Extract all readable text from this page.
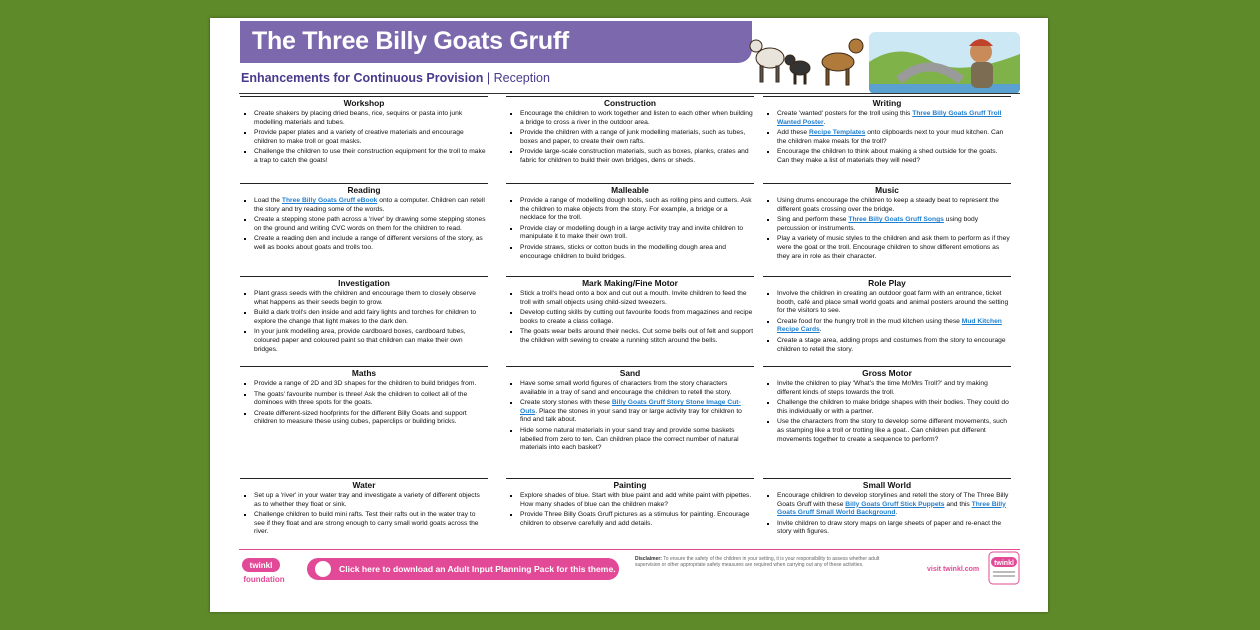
The Three Billy Goats Gruff
Enhancements for Continuous Provision | Reception
Workshop
▪ Create shakers by placing dried beans, rice, sequins or pasta into junk modelling materials and tubes.
▪ Provide paper plates and a variety of creative materials and encourage children to make troll or goat masks.
▪ Challenge the children to use their construction equipment for the troll to make a trap to catch the goats!
Reading
▪ Load the Three Billy Goats Gruff eBook onto a computer. Children can retell the story and try reading some of the words.
▪ Create a stepping stone path across a 'river' by drawing some stepping stones on the ground and writing CVC words on them for the children to read.
▪ Create a reading den and include a range of different versions of the story, as well as books about goats and trolls too.
Investigation
▪ Plant grass seeds with the children and encourage them to closely observe what happens as their seeds begin to grow.
▪ Build a dark troll's den inside and add fairy lights and torches for children to explore the change that light makes to the dark den.
▪ In your junk modelling area, provide cardboard boxes, cardboard tubes, coloured paper and coloured paint so that children can make their own bridges.
Maths
▪ Provide a range of 2D and 3D shapes for the children to build bridges from.
▪ The goats' favourite number is three! Ask the children to collect all of the dominoes with three spots for the goats.
▪ Create different-sized hoofprints for the different Billy Goats and support children to measure these using cubes, paperclips or building bricks.
Water
▪ Set up a 'river' in your water tray and investigate a variety of different objects as to whether they float or sink.
▪ Challenge children to build mini rafts. Test their rafts out in the water tray to see if they float and are strong enough to carry small world goats across the river.
Construction
▪ Encourage the children to work together and listen to each other when building a bridge to cross a river in the outdoor area.
▪ Provide the children with a range of junk modelling materials, such as tubes, boxes and paper, to create their own rafts.
▪ Provide large-scale construction materials, such as boxes, planks, crates and fabric for children to build their own bridges, dens or sheds.
Malleable
▪ Provide a range of modelling dough tools, such as rolling pins and cutters. Ask the children to make objects from the story. For example, a bridge or a necklace for the troll.
▪ Provide clay or modelling dough in a large activity tray and invite children to manipulate it to make their own troll.
▪ Provide straws, sticks or cotton buds in the modelling dough area and encourage children to build bridges.
Mark Making/Fine Motor
▪ Stick a troll's head onto a box and cut out a mouth. Invite children to feed the troll with small objects using child-sized tweezers.
▪ Develop cutting skills by cutting out favourite foods from magazines and recipe books to create a class collage.
▪ The goats wear bells around their necks. Cut some bells out of felt and support the children with sewing to create a running stitch around the bells.
Sand
▪ Have some small world figures of characters from the story characters available in a tray of sand and encourage the children to retell the story.
▪ Create story stones with these Billy Goats Gruff Story Stone Image Cut-Outs. Place the stones in your sand tray or large activity tray for children to find and talk about.
▪ Hide some natural materials in your sand tray and provide some baskets labelled from zero to ten. Can children place the correct number of natural materials into each basket?
Painting
▪ Explore shades of blue. Start with blue paint and add white paint with pipettes. How many shades of blue can the children make?
▪ Provide Three Billy Goats Gruff pictures as a stimulus for painting. Encourage children to observe carefully and add details.
Writing
▪ Create 'wanted' posters for the troll using this Three Billy Goats Gruff Troll Wanted Poster.
▪ Add these Recipe Templates onto clipboards next to your mud kitchen. Can the children make meals for the troll?
▪ Encourage the children to think about making a shed outside for the goats. Can they make a list of materials they will need?
Music
▪ Using drums encourage the children to keep a steady beat to represent the different goats crossing over the bridge.
▪ Sing and perform these Three Billy Goats Gruff Songs using body percussion or instruments.
▪ Play a variety of music styles to the children and ask them to perform as if they were the goat or the troll. Encourage children to show different emotions as they are in role as their character.
Role Play
▪ Involve the children in creating an outdoor goat farm with an entrance, ticket booth, café and place small world goats and animal posters around the setting for the visitors to see.
▪ Create food for the hungry troll in the mud kitchen using these Mud Kitchen Recipe Cards.
▪ Create a stage area, adding props and costumes from the story to encourage children to retell the story.
Gross Motor
▪ Invite the children to play 'What's the time Mr/Mrs Troll?' and try making different kinds of steps towards the troll.
▪ Challenge the children to make bridge shapes with their bodies. They could do this individually or with a partner.
▪ Use the characters from the story to develop some different movements, such as stamping like a troll or trotting like a goat.. Can children put different movements together to create a sequence to perform?
Small World
▪ Encourage children to develop storylines and retell the story of The Three Billy Goats Gruff with these Billy Goats Gruff Stick Puppets and this Three Billy Goats Gruff Small World Background.
▪ Invite children to draw story maps on large sheets of paper and re-enact the story with figures.
twinkl
foundation
Click here to download an Adult Input Planning Pack for this theme.
Disclaimer: To ensure the safety of the children in your setting, it is your responsibility to assess whether adult supervision or other appropriate safety measures are required when carrying out any of these activities.
visit twinkl.com
twinkl
